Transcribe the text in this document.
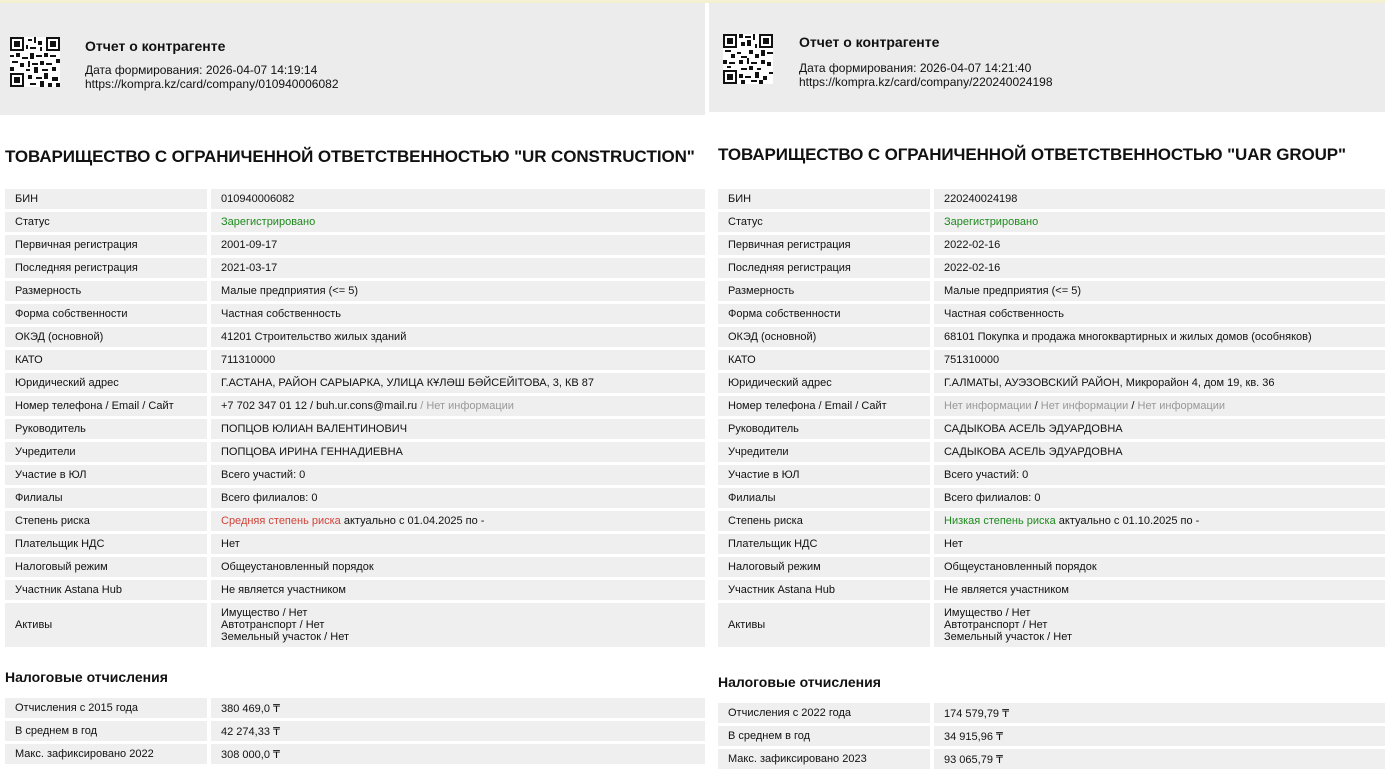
Отчет о контрагенте
Дата формирования: 2026-04-07 14:19:14
https://kompra.kz/card/company/010940006082
ТОВАРИЩЕСТВО С ОГРАНИЧЕННОЙ ОТВЕТСТВЕННОСТЬЮ "UR CONSTRUCTION"
БИН	010940006082
Статус	Зарегистрировано
Первичная регистрация	2001-09-17
Последняя регистрация	2021-03-17
Размерность	Малые предприятия (<= 5)
Форма собственности	Частная собственность
ОКЭД (основной)	41201 Строительство жилых зданий
КАТО	711310000
Юридический адрес	Г.АСТАНА, РАЙОН САРЫАРКА, УЛИЦА КҰЛӘШ БӘЙСЕЙІТОВА, 3, КВ 87
Номер телефона / Email / Сайт	+7 702 347 01 12 / buh.ur.cons@mail.ru / Нет информации
Руководитель	ПОПЦОВ ЮЛИАН ВАЛЕНТИНОВИЧ
Учредители	ПОПЦОВА ИРИНА ГЕННАДИЕВНА
Участие в ЮЛ	Всего участий: 0
Филиалы	Всего филиалов: 0
Степень риска	Средняя степень риска актуально с 01.04.2025 по -
Плательщик НДС	Нет
Налоговый режим	Общеустановленный порядок
Участник Astana Hub	Не является участником
Активы	Имущество / Нет
Автотранспорт / Нет
Земельный участок / Нет
Налоговые отчисления
Отчисления с 2015 года	380 469,0 ₸
В среднем в год	42 274,33 ₸
Макс. зафиксировано 2022	308 000,0 ₸
Отчет о контрагенте
Дата формирования: 2026-04-07 14:21:40
https://kompra.kz/card/company/220240024198
ТОВАРИЩЕСТВО С ОГРАНИЧЕННОЙ ОТВЕТСТВЕННОСТЬЮ "UAR GROUP"
БИН	220240024198
Статус	Зарегистрировано
Первичная регистрация	2022-02-16
Последняя регистрация	2022-02-16
Размерность	Малые предприятия (<= 5)
Форма собственности	Частная собственность
ОКЭД (основной)	68101 Покупка и продажа многоквартирных и жилых домов (особняков)
КАТО	751310000
Юридический адрес	Г.АЛМАТЫ, АУЭЗОВСКИЙ РАЙОН, Микрорайон 4, дом 19, кв. 36
Номер телефона / Email / Сайт	Нет информации / Нет информации / Нет информации
Руководитель	САДЫКОВА АСЕЛЬ ЭДУАРДОВНА
Учредители	САДЫКОВА АСЕЛЬ ЭДУАРДОВНА
Участие в ЮЛ	Всего участий: 0
Филиалы	Всего филиалов: 0
Степень риска	Низкая степень риска актуально с 01.10.2025 по -
Плательщик НДС	Нет
Налоговый режим	Общеустановленный порядок
Участник Astana Hub	Не является участником
Активы	Имущество / Нет
Автотранспорт / Нет
Земельный участок / Нет
Налоговые отчисления
Отчисления с 2022 года	174 579,79 ₸
В среднем в год	34 915,96 ₸
Макс. зафиксировано 2023	93 065,79 ₸
